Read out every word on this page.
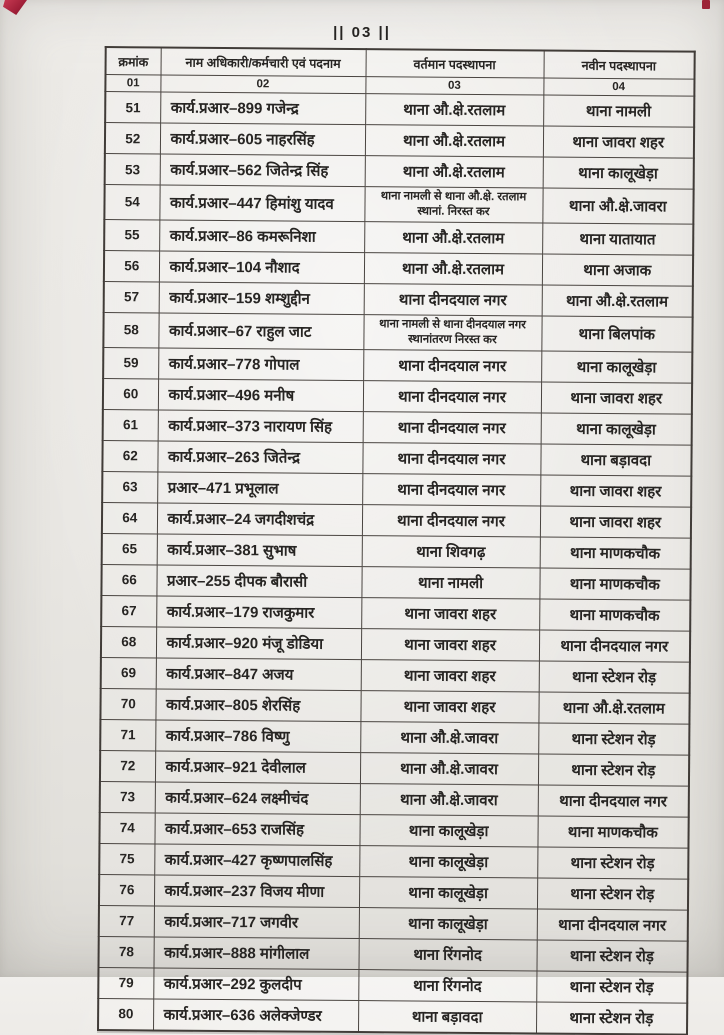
|| 03 ||
क्रमांक	नाम अधिकारी/कर्मचारी एवं पदनाम	वर्तमान पदस्थापना	नवीन पदस्थापना
01	02	03	04
51	कार्य.प्रआर–899 गजेन्द्र	थाना औ.क्षे.रतलाम	थाना नामली
52	कार्य.प्रआर–605 नाहरसिंह	थाना औ.क्षे.रतलाम	थाना जावरा शहर
53	कार्य.प्रआर–562 जितेन्द्र सिंह	थाना औ.क्षे.रतलाम	थाना कालूखेड़ा
54	कार्य.प्रआर–447 हिमांशु यादव	थाना नामली से थाना औ.क्षे. रतलाम स्थानां. निरस्त कर	थाना औ.क्षे.जावरा
55	कार्य.प्रआर–86 कमरूनिशा	थाना औ.क्षे.रतलाम	थाना यातायात
56	कार्य.प्रआर–104 नौशाद	थाना औ.क्षे.रतलाम	थाना अजाक
57	कार्य.प्रआर–159 शम्शुद्दीन	थाना दीनदयाल नगर	थाना औ.क्षे.रतलाम
58	कार्य.प्रआर–67 राहुल जाट	थाना नामली से थाना दीनदयाल नगर स्थानांतरण निरस्त कर	थाना बिलपांक
59	कार्य.प्रआर–778 गोपाल	थाना दीनदयाल नगर	थाना कालूखेड़ा
60	कार्य.प्रआर–496 मनीष	थाना दीनदयाल नगर	थाना जावरा शहर
61	कार्य.प्रआर–373 नारायण सिंह	थाना दीनदयाल नगर	थाना कालूखेड़ा
62	कार्य.प्रआर–263 जितेन्द्र	थाना दीनदयाल नगर	थाना बड़ावदा
63	प्रआर–471 प्रभूलाल	थाना दीनदयाल नगर	थाना जावरा शहर
64	कार्य.प्रआर–24 जगदीशचंद्र	थाना दीनदयाल नगर	थाना जावरा शहर
65	कार्य.प्रआर–381 सुभाष	थाना शिवगढ़	थाना माणकचौक
66	प्रआर–255 दीपक बौरासी	थाना नामली	थाना माणकचौक
67	कार्य.प्रआर–179 राजकुमार	थाना जावरा शहर	थाना माणकचौक
68	कार्य.प्रआर–920 मंजू डोडिया	थाना जावरा शहर	थाना दीनदयाल नगर
69	कार्य.प्रआर–847 अजय	थाना जावरा शहर	थाना स्टेशन रोड़
70	कार्य.प्रआर–805 शेरसिंह	थाना जावरा शहर	थाना औ.क्षे.रतलाम
71	कार्य.प्रआर–786 विष्णु	थाना औ.क्षे.जावरा	थाना स्टेशन रोड़
72	कार्य.प्रआर–921 देवीलाल	थाना औ.क्षे.जावरा	थाना स्टेशन रोड़
73	कार्य.प्रआर–624 लक्ष्मीचंद	थाना औ.क्षे.जावरा	थाना दीनदयाल नगर
74	कार्य.प्रआर–653 राजसिंह	थाना कालूखेड़ा	थाना माणकचौक
75	कार्य.प्रआर–427 कृष्णपालसिंह	थाना कालूखेड़ा	थाना स्टेशन रोड़
76	कार्य.प्रआर–237 विजय मीणा	थाना कालूखेड़ा	थाना स्टेशन रोड़
77	कार्य.प्रआर–717 जगवीर	थाना कालूखेड़ा	थाना दीनदयाल नगर
78	कार्य.प्रआर–888 मांगीलाल	थाना रिंगनोद	थाना स्टेशन रोड़
79	कार्य.प्रआर–292 कुलदीप	थाना रिंगनोद	थाना स्टेशन रोड़
80	कार्य.प्रआर–636 अलेक्जेण्डर	थाना बड़ावदा	थाना स्टेशन रोड़
